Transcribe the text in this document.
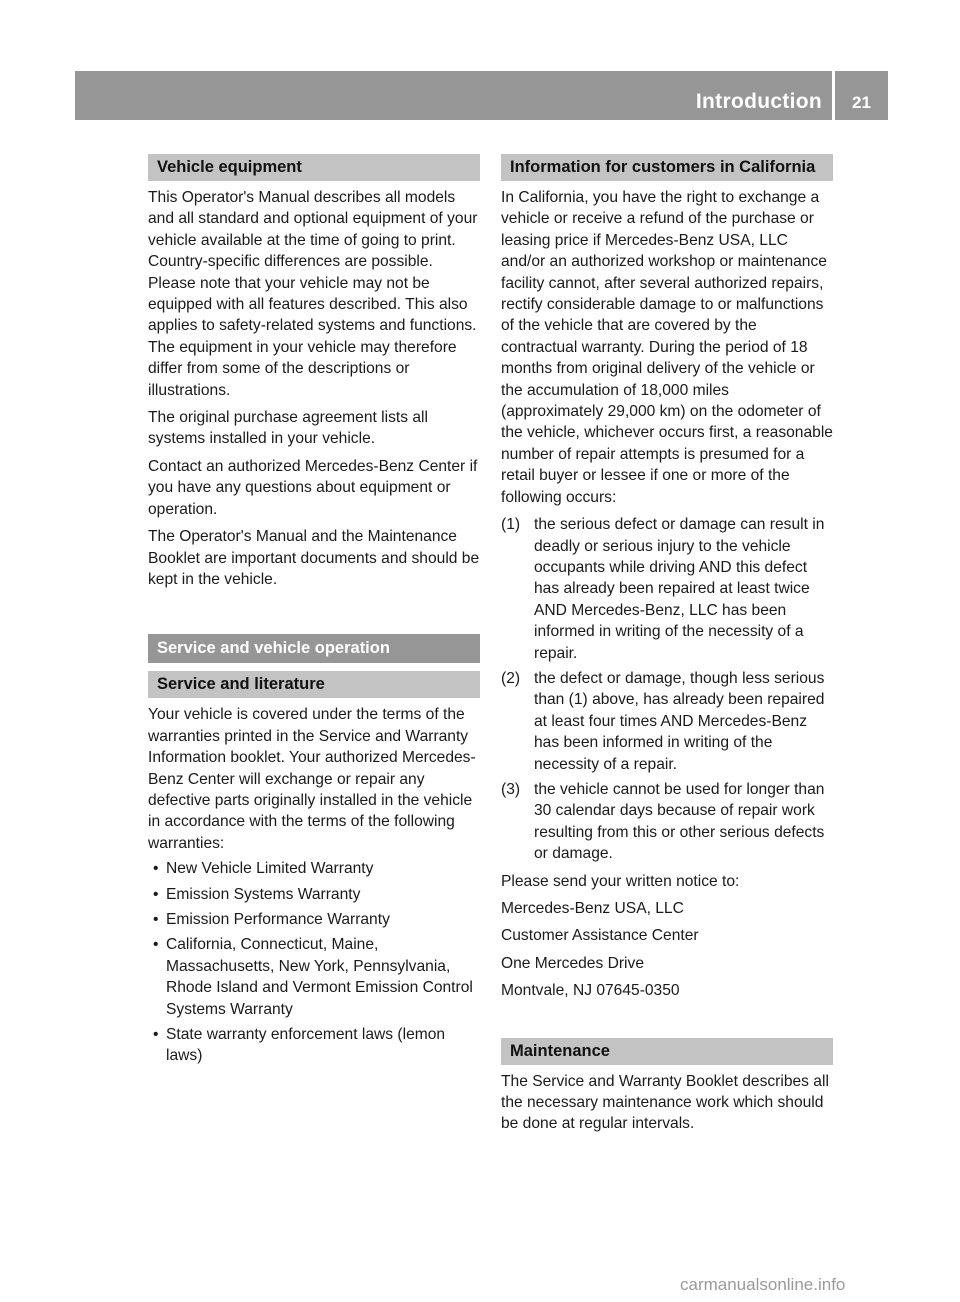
Introduction	21
Vehicle equipment

This Operator's Manual describes all models and all standard and optional equipment of your vehicle available at the time of going to print. Country-specific differences are possible. Please note that your vehicle may not be equipped with all features described. This also applies to safety-related systems and functions. The equipment in your vehicle may therefore differ from some of the descriptions or illustrations.

The original purchase agreement lists all systems installed in your vehicle.

Contact an authorized Mercedes-Benz Center if you have any questions about equipment or operation.

The Operator's Manual and the Maintenance Booklet are important documents and should be kept in the vehicle.

Service and vehicle operation
Service and literature

Your vehicle is covered under the terms of the warranties printed in the Service and Warranty Information booklet. Your authorized Mercedes-Benz Center will exchange or repair any defective parts originally installed in the vehicle in accordance with the terms of the following warranties:

• New Vehicle Limited Warranty
• Emission Systems Warranty
• Emission Performance Warranty
• California, Connecticut, Maine, Massachusetts, New York, Pennsylvania, Rhode Island and Vermont Emission Control Systems Warranty
• State warranty enforcement laws (lemon laws)
Information for customers in California

In California, you have the right to exchange a vehicle or receive a refund of the purchase or leasing price if Mercedes-Benz USA, LLC and/or an authorized workshop or maintenance facility cannot, after several authorized repairs, rectify considerable damage to or malfunctions of the vehicle that are covered by the contractual warranty. During the period of 18 months from original delivery of the vehicle or the accumulation of 18,000 miles (approximately 29,000 km) on the odometer of the vehicle, whichever occurs first, a reasonable number of repair attempts is presumed for a retail buyer or lessee if one or more of the following occurs:

(1) the serious defect or damage can result in deadly or serious injury to the vehicle occupants while driving AND this defect has already been repaired at least twice AND Mercedes-Benz, LLC has been informed in writing of the necessity of a repair.
(2) the defect or damage, though less serious than (1) above, has already been repaired at least four times AND Mercedes-Benz has been informed in writing of the necessity of a repair.
(3) the vehicle cannot be used for longer than 30 calendar days because of repair work resulting from this or other serious defects or damage.

Please send your written notice to:

Mercedes-Benz USA, LLC

Customer Assistance Center

One Mercedes Drive

Montvale, NJ 07645-0350

Maintenance

The Service and Warranty Booklet describes all the necessary maintenance work which should be done at regular intervals.

carmanualsonline.info
